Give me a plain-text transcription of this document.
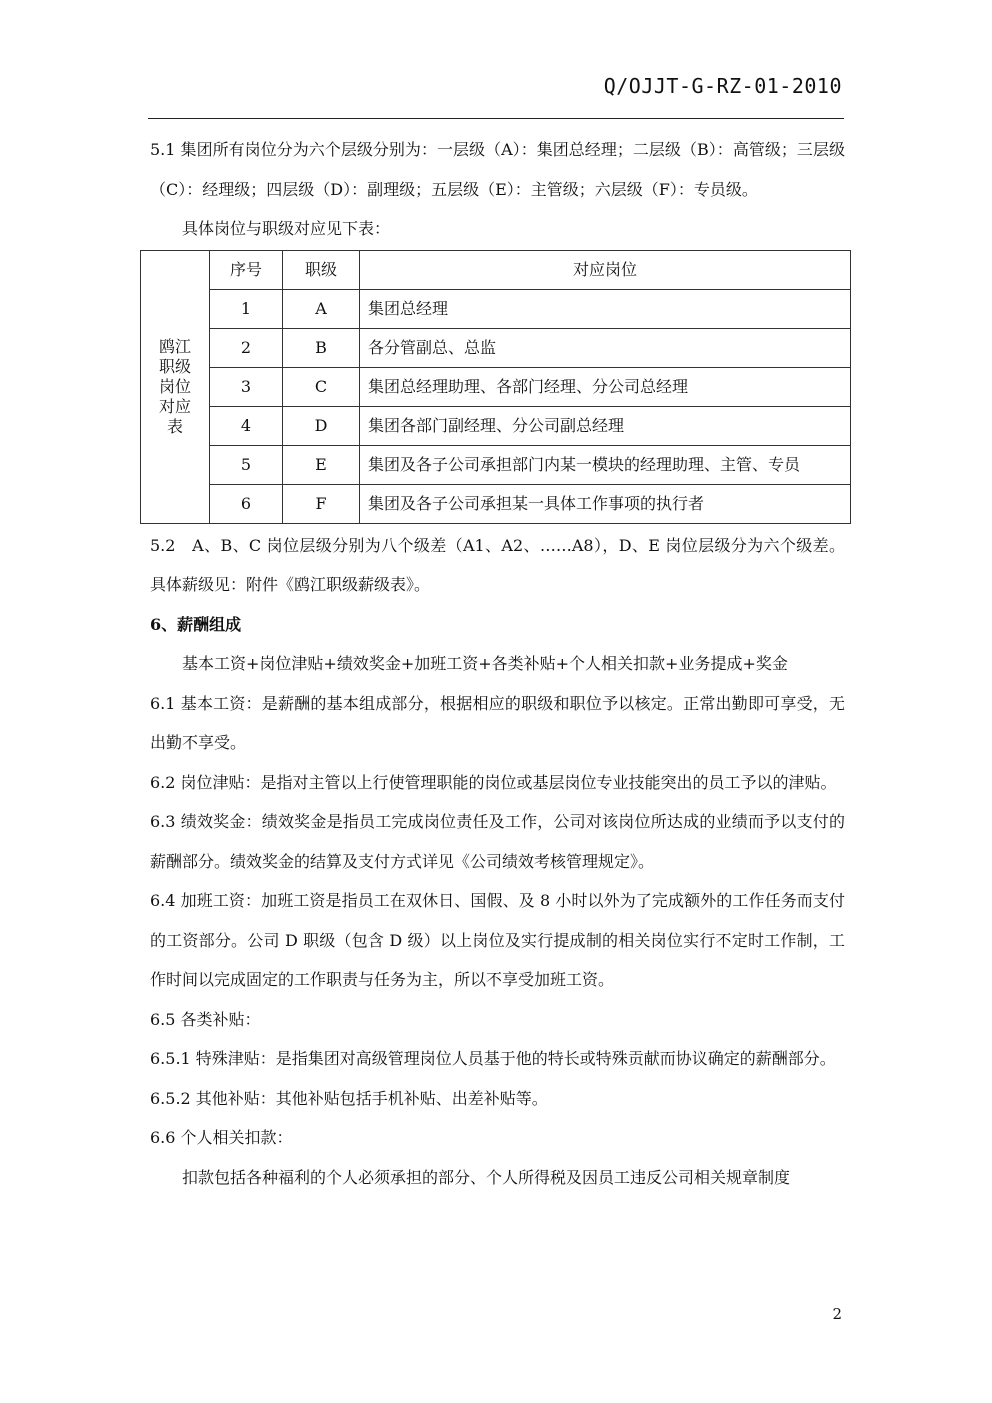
Q/OJJT-G-RZ-01-2010

5.1 集团所有岗位分为六个层级分别为：一层级（A）：集团总经理；二层级（B）：高管级；三层级（C）：经理级；四层级（D）：副理级；五层级（E）：主管级；六层级（F）：专员级。

具体岗位与职级对应见下表：

鸥江
职级
岗位
对应
表	序号	职级	对应岗位
	1	A	集团总经理
	2	B	各分管副总、总监
	3	C	集团总经理助理、各部门经理、分公司总经理
	4	D	集团各部门副经理、分公司副总经理
	5	E	集团及各子公司承担部门内某一模块的经理助理、主管、专员
	6	F	集团及各子公司承担某一具体工作事项的执行者

5.2　A、B、C 岗位层级分别为八个级差（A1、A2、……A8），D、E 岗位层级分为六个级差。具体薪级见：附件《鸥江职级薪级表》。

6、薪酬组成

基本工资+岗位津贴+绩效奖金+加班工资+各类补贴+个人相关扣款+业务提成+奖金

6.1 基本工资：是薪酬的基本组成部分，根据相应的职级和职位予以核定。正常出勤即可享受，无出勤不享受。

6.2 岗位津贴：是指对主管以上行使管理职能的岗位或基层岗位专业技能突出的员工予以的津贴。

6.3 绩效奖金：绩效奖金是指员工完成岗位责任及工作，公司对该岗位所达成的业绩而予以支付的薪酬部分。绩效奖金的结算及支付方式详见《公司绩效考核管理规定》。

6.4 加班工资：加班工资是指员工在双休日、国假、及 8 小时以外为了完成额外的工作任务而支付的工资部分。公司 D 职级（包含 D 级）以上岗位及实行提成制的相关岗位实行不定时工作制，工作时间以完成固定的工作职责与任务为主，所以不享受加班工资。

6.5 各类补贴：

6.5.1 特殊津贴：是指集团对高级管理岗位人员基于他的特长或特殊贡献而协议确定的薪酬部分。

6.5.2 其他补贴：其他补贴包括手机补贴、出差补贴等。

6.6 个人相关扣款：

扣款包括各种福利的个人必须承担的部分、个人所得税及因员工违反公司相关规章制度

2
